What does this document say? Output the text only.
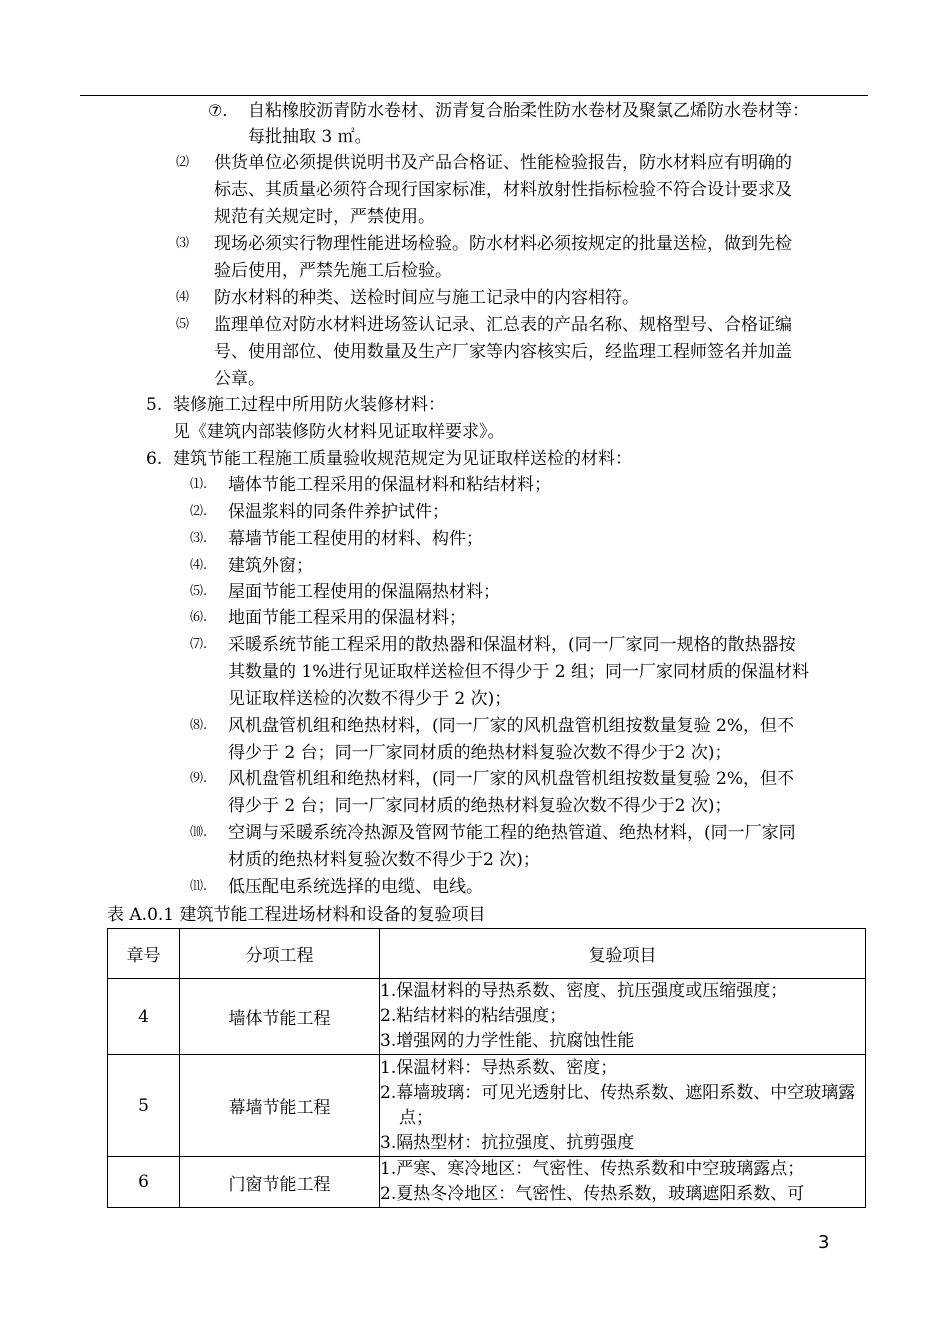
⑦. 自粘橡胶沥青防水卷材、沥青复合胎柔性防水卷材及聚氯乙烯防水卷材等：
每批抽取 3 ㎡。
⑵ 供货单位必须提供说明书及产品合格证、性能检验报告，防水材料应有明确的
标志、其质量必须符合现行国家标准，材料放射性指标检验不符合设计要求及
规范有关规定时，严禁使用。
⑶ 现场必须实行物理性能进场检验。防水材料必须按规定的批量送检，做到先检
验后使用，严禁先施工后检验。
⑷ 防水材料的种类、送检时间应与施工记录中的内容相符。
⑸ 监理单位对防水材料进场签认记录、汇总表的产品名称、规格型号、合格证编
号、使用部位、使用数量及生产厂家等内容核实后，经监理工程师签名并加盖
公章。
5. 装修施工过程中所用防火装修材料：
见《建筑内部装修防火材料见证取样要求》。
6. 建筑节能工程施工质量验收规范规定为见证取样送检的材料：
⑴. 墙体节能工程采用的保温材料和粘结材料；
⑵. 保温浆料的同条件养护试件；
⑶. 幕墙节能工程使用的材料、构件；
⑷. 建筑外窗；
⑸. 屋面节能工程使用的保温隔热材料；
⑹. 地面节能工程采用的保温材料；
⑺. 采暖系统节能工程采用的散热器和保温材料，(同一厂家同一规格的散热器按
其数量的 1%进行见证取样送检但不得少于 2 组；同一厂家同材质的保温材料
见证取样送检的次数不得少于 2 次)；
⑻. 风机盘管机组和绝热材料，(同一厂家的风机盘管机组按数量复验 2%，但不
得少于 2 台；同一厂家同材质的绝热材料复验次数不得少于2 次)；
⑼. 风机盘管机组和绝热材料，(同一厂家的风机盘管机组按数量复验 2%，但不
得少于 2 台；同一厂家同材质的绝热材料复验次数不得少于2 次)；
⑽. 空调与采暖系统冷热源及管网节能工程的绝热管道、绝热材料，(同一厂家同
材质的绝热材料复验次数不得少于2 次)；
⑾. 低压配电系统选择的电缆、电线。
表 A.0.1 建筑节能工程进场材料和设备的复验项目
章号	分项工程	复验项目
4	墙体节能工程	1.保温材料的导热系数、密度、抗压强度或压缩强度；
2.粘结材料的粘结强度；
3.增强网的力学性能、抗腐蚀性能

5	幕墙节能工程	1.保温材料：导热系数、密度；
2.幕墙玻璃：可见光透射比、传热系数、遮阳系数、中空玻璃露点；
3.隔热型材：抗拉强度、抗剪强度

6	门窗节能工程	1.严寒、寒冷地区：气密性、传热系数和中空玻璃露点；
2.夏热冬冷地区：气密性、传热系数，玻璃遮阳系数、可
3
